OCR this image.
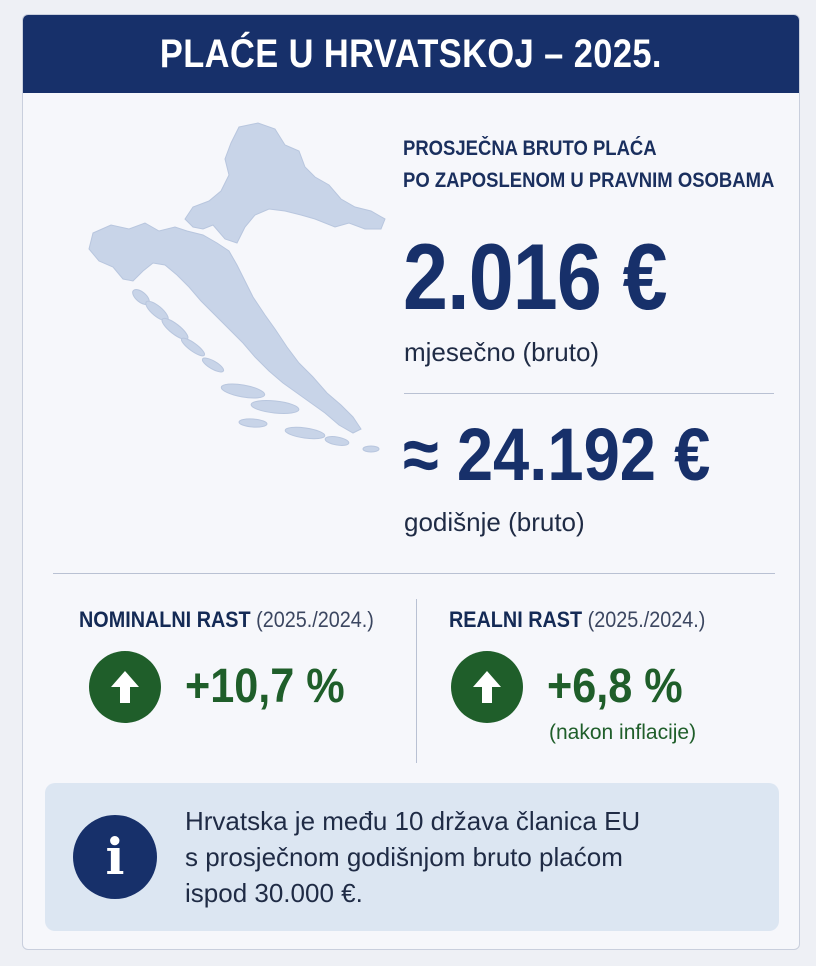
PLAĆE U HRVATSKOJ – 2025.
PROSJEČNA BRUTO PLAĆA
PO ZAPOSLENOM U PRAVNIM OSOBAMA
2.016 €
mjesečno (bruto)
≈ 24.192 €
godišnje (bruto)
NOMINALNI RAST (2025./2024.)
+10,7 %
REALNI RAST (2025./2024.)
+6,8 %
(nakon inflacije)
i
Hrvatska je među 10 država članica EU
s prosječnom godišnjom bruto plaćom
ispod 30.000 €.
